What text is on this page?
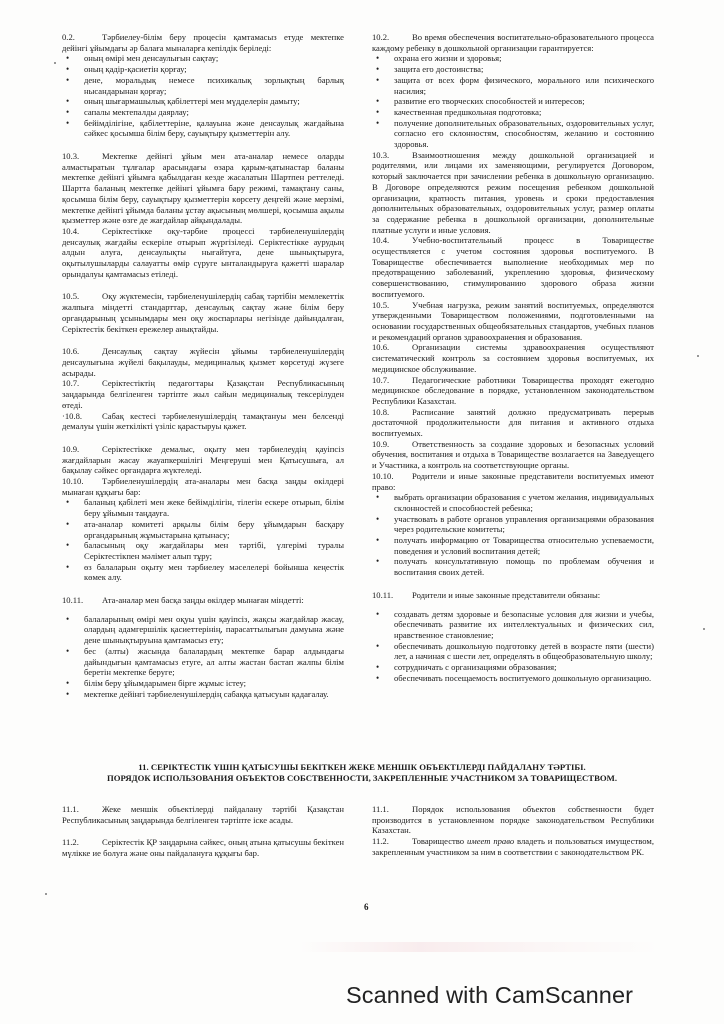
0.2.	Тәрбиелеу-білім беру процесін қамтамасыз етуде мектепке дейінгі ұйымдағы әр балаға мыналарға кепілдік беріледі:

• оның өмірі мен денсаулығын сақтау;
• оның қадір-қасиетін қорғау;
• дене, моральдық немесе психикалық зорлықтың барлық нысандарынан қорғау;
• оның шығармашылық қабілеттері мен мүдделерін дамыту;
• сапалы мектепалды даярлау;
• бейімділігіне, қабілеттеріне, қалауына және денсаулық жағдайына сәйкес қосымша білім беру, сауықтыру қызметтерін алу.

10.3.	Мектепке дейінгі ұйым мен ата-аналар немесе оларды алмастыратын тұлғалар арасындағы өзара қарым-қатынастар баланы мектепке дейінгі ұйымға қабылдаған кезде жасалатын Шартпен реттеледі. Шартта баланың мектепке дейінгі ұйымға бару режимі, тамақтану саны, қосымша білім беру, сауықтыру қызметтерін көрсету деңгейі және мерзімі, мектепке дейінгі ұйымда баланы ұстау ақысының мөлшері, қосымша ақылы қызметтер және өзге де жағдайлар айқындалады.

10.4.	Серіктестікке оқу-тәрбие процессі тәрбиеленушілердің денсаулық жағдайы ескеріле отырып жүргізіледі. Серіктестікке аурудың алдын алуға, денсаулықты нығайтуға, дене шынықтыруға, оқытылушыларды салауатты өмір сүруге ынталандыруға қажетті шаралар орындалуы қамтамасыз етіледі.

10.5.	Оқу жүктемесін, тәрбиеленушілердің сабақ тәртібін мемлекеттік жалпыға міндетті стандарттар, денсаулық сақтау және білім беру органдарының ұсынымдары мен оқу жоспарлары негізінде дайындалған, Серіктестік бекіткен ережелер анықтайды.

10.6.	Денсаулық сақтау жүйесін ұйымы тәрбиеленушілердің денсаулығына жүйелі бақылауды, медициналық қызмет көрсетуді жүзеге асырады.

10.7.	Серіктестіктің педагогтары Қазақстан Республикасының заңдарында белгіленген тәртіпте жыл сайын медициналық тексерілуден өтеді.

·10.8. Сабақ кестесі тәрбиеленушілердің тамақтануы мен белсенді демалуы үшін жеткілікті үзіліс қарастыруы қажет.

10.9.	Серіктестікке демалыс, оқыту мен тәрбиелеудің қауіпсіз жағдайларын жасау жауапкершілігі Меңгеруші мен Қатысушыға, ал бақылау сәйкес органдарға жүктеледі.

10.10. Тәрбиеленушілердің ата-аналары мен басқа заңды өкілдері мынаған құқығы бар:

• баланың қабілеті мен жеке бейімділігін, тілегін ескере отырып, білім беру ұйымын таңдауға.
• ата-аналар комитеті арқылы білім беру ұйымдарын басқару органдарының жұмыстарына қатынасу;
• баласының оқу жағдайлары мен тәртібі, үлгерімі туралы Серіктестікпен мәлімет алып тұру;
• өз балаларын оқыту мен тәрбиелеу мәселелері бойынша кеңестік көмек алу.

10.11. Ата-аналар мен басқа заңды өкілдер мынаған міндетті:

• балаларының өмірі мен оқуы үшін қауіпсіз, жақсы жағдайлар жасау, олардың адамгершілік қасиеттерінің, парасаттылығын дамуына және дене шынықтыруына қамтамасыз ету;
• бес (алты) жасында балалардың мектепке барар алдындағы дайындығын қамтамасыз етуге, ал алты жастан бастап жалпы білім беретін мектепке беруге;
• білім беру ұйымдарымен бірге жұмыс істеу;
• мектепке дейінгі тәрбиеленушілердің сабаққа қатысуын қадағалау.

10.2.	Во время обеспечения воспитательно-образовательного процесса каждому ребенку в дошкольной организации гарантируется:

• охрана его жизни и здоровья;
• защита его достоинства;
• защита от всех форм физического, морального или психического насилия;
• развитие его творческих способностей и интересов;
• качественная предшкольная подготовка;
• получение дополнительных образовательных, оздоровительных услуг, согласно его склонностям, способностям, желанию и состоянию здоровья.

10.3.	Взаимоотношения между дошкольной организацией и родителями, или лицами их заменяющими, регулируется Договором, который заключается при зачислении ребенка в дошкольную организацию. В Договоре определяются режим посещения ребенком дошкольной организации, кратность питания, уровень и сроки предоставления дополнительных образовательных, оздоровительных услуг, размер оплаты за содержание ребенка в дошкольной организации, дополнительные платные услуги и иные условия.

10.4.	Учебно-воспитательный процесс в Товариществе осуществляется с учетом состояния здоровья воспитуемого. В Товариществе обеспечивается выполнение необходимых мер по предотвращению заболеваний, укреплению здоровья, физическому совершенствованию, стимулированию здорового образа жизни воспитуемого.

10.5.	Учебная нагрузка, режим занятий воспитуемых, определяются утвержденными Товариществом положениями, подготовленными на основании государственных общеобязательных стандартов, учебных планов и рекомендаций органов здравоохранения и образования.

10.6.	Организации системы здравоохранения осуществляют систематический контроль за состоянием здоровья воспитуемых, их медицинское обслуживание.

10.7.	Педагогические работники Товарищества проходят ежегодно медицинское обследование в порядке, установленном законодательством Республики Казахстан.

10.8.	Расписание занятий должно предусматривать перерыв достаточной продолжительности для питания и активного отдыха воспитуемых.

10.9.	Ответственность за создание здоровых и безопасных условий обучения, воспитания и отдыха в Товариществе возлагается на Заведуещего и Участника, а контроль на соответствующие органы.

10.10. Родители и иные законные представители воспитуемых имеют право:

• выбрать организации образования с учетом желания, индивидуальных склонностей и способностей ребенка;
• участвовать в работе органов управления организациями образования через родительские комитеты;
• получать информацию от Товарищества относительно успеваемости, поведения и условий воспитания детей;
• получать консультативную помощь по проблемам обучения и воспитания своих детей.

10.11. Родители и иные законные представители обязаны:

• создавать детям здоровые и безопасные условия для жизни и учебы, обеспечивать развитие их интеллектуальных и физических сил, нравственное становление;
• обеспечивать дошкольную подготовку детей в возрасте пяти (шести) лет, а начиная с шести лет, определять в общеобразовательную школу;
• сотрудничать с организациями образования;
• обеспечивать посещаемость воспитуемого дошкольную организацию.
11. СЕРІКТЕСТІК ҮШІН ҚАТЫСУШЫ БЕКІТКЕН ЖЕКЕ МЕНШІК ОБЪЕКТІЛЕРДІ ПАЙДАЛАНУ ТӘРТІБІ.
ПОРЯДОК ИСПОЛЬЗОВАНИЯ ОБЪЕКТОВ СОБСТВЕННОСТИ, ЗАКРЕПЛЕННЫЕ УЧАСТНИКОМ ЗА ТОВАРИЩЕСТВОМ.

11.1.	Жеке меншік объектілерді пайдалану тәртібі Қазақстан Республикасының заңдарында белгіленген тәртіпте іске асады.

11.2.	Серіктестік ҚР заңдарына сәйкес, оның атына қатысушы бекіткен мүлікке ие болуға және оны пайдалануға құқығы бар.

11.1.	Порядок использования объектов собственности будет производится в установленном порядке законодательством Республики Казахстан.

11.2.	Товарищество имеет право владеть и пользоваться имуществом, закрепленным участником за ним в соответствии с законодательством РК.

6
Scanned with CamScanner
